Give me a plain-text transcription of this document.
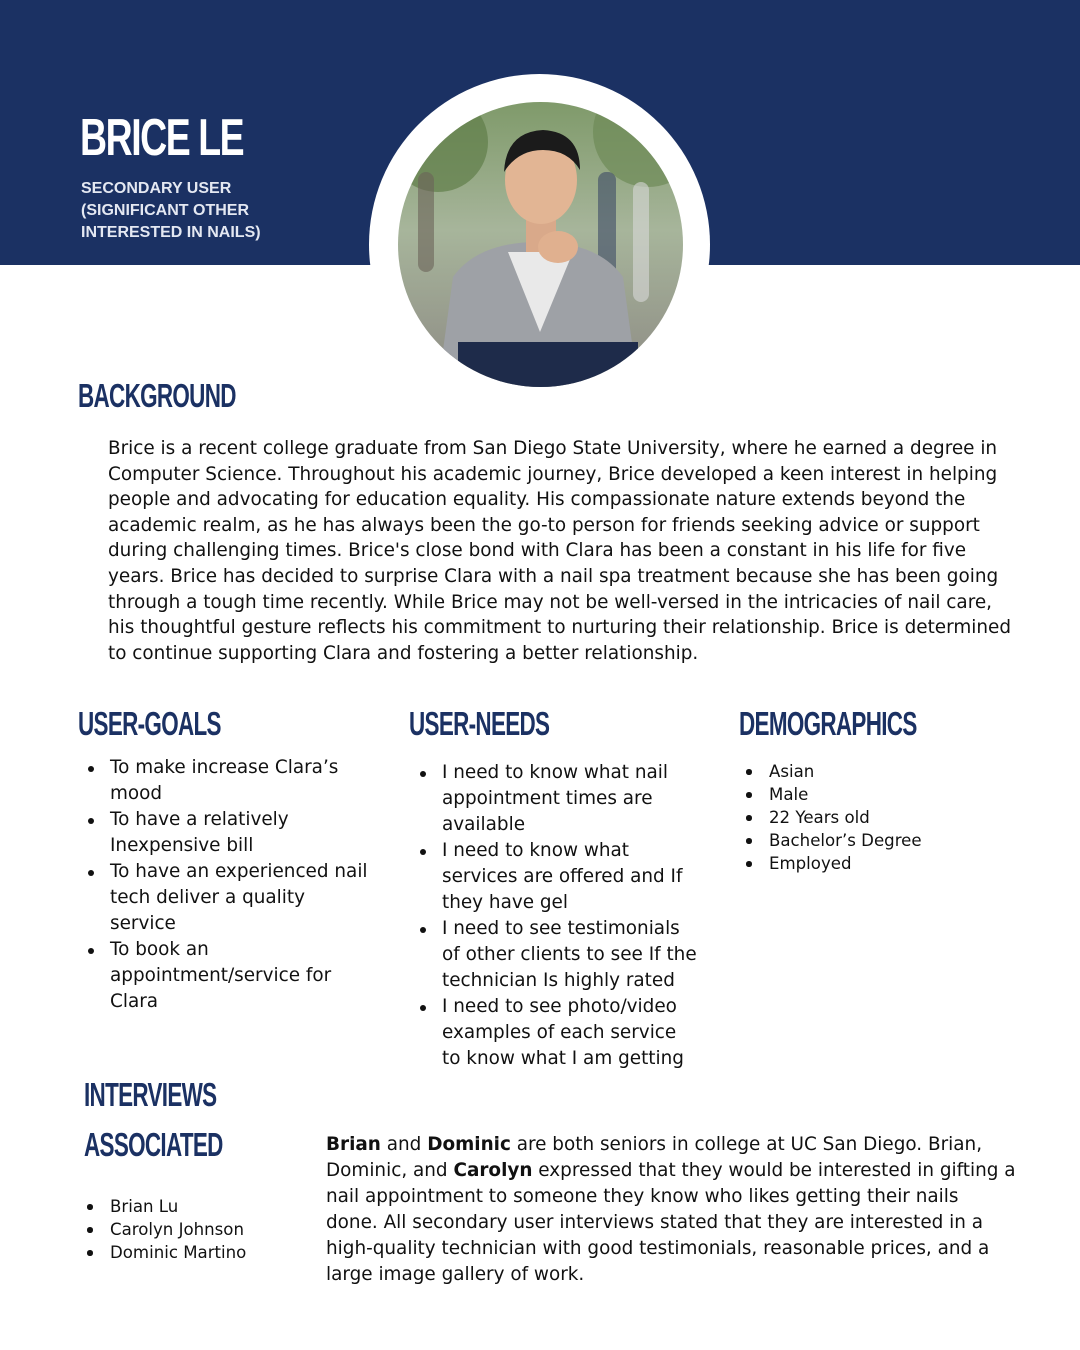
BRICE LE
SECONDARY USER
(SIGNIFICANT OTHER
INTERESTED IN NAILS)
BACKGROUND

Brice is a recent college graduate from San Diego State University, where he earned a degree in Computer Science. Throughout his academic journey, Brice developed a keen interest in helping people and advocating for education equality. His compassionate nature extends beyond the academic realm, as he has always been the go-to person for friends seeking advice or support during challenging times. Brice's close bond with Clara has been a constant in his life for five years. Brice has decided to surprise Clara with a nail spa treatment because she has been going through a tough time recently. While Brice may not be well-versed in the intricacies of nail care, his thoughtful gesture reflects his commitment to nurturing their relationship. Brice is determined to continue supporting Clara and fostering a better relationship.

USER-GOALS
To make increase Clara’s mood
To have a relatively Inexpensive bill
To have an experienced nail tech deliver a quality service
To book an appointment/service for Clara
USER-NEEDS
I need to know what nail appointment times are available
I need to know what services are offered and If they have gel
I need to see testimonials of other clients to see If the technician Is highly rated
I need to see photo/video examples of each service to know what I am getting
DEMOGRAPHICS
Asian
Male
22 Years old
Bachelor’s Degree
Employed
INTERVIEWS
ASSOCIATED
Brian Lu
Carolyn Johnson
Dominic Martino

Brian and Dominic are both seniors in college at UC San Diego. Brian, Dominic, and Carolyn expressed that they would be interested in gifting a nail appointment to someone they know who likes getting their nails done. All secondary user interviews stated that they are interested in a high-quality technician with good testimonials, reasonable prices, and a large image gallery of work.
